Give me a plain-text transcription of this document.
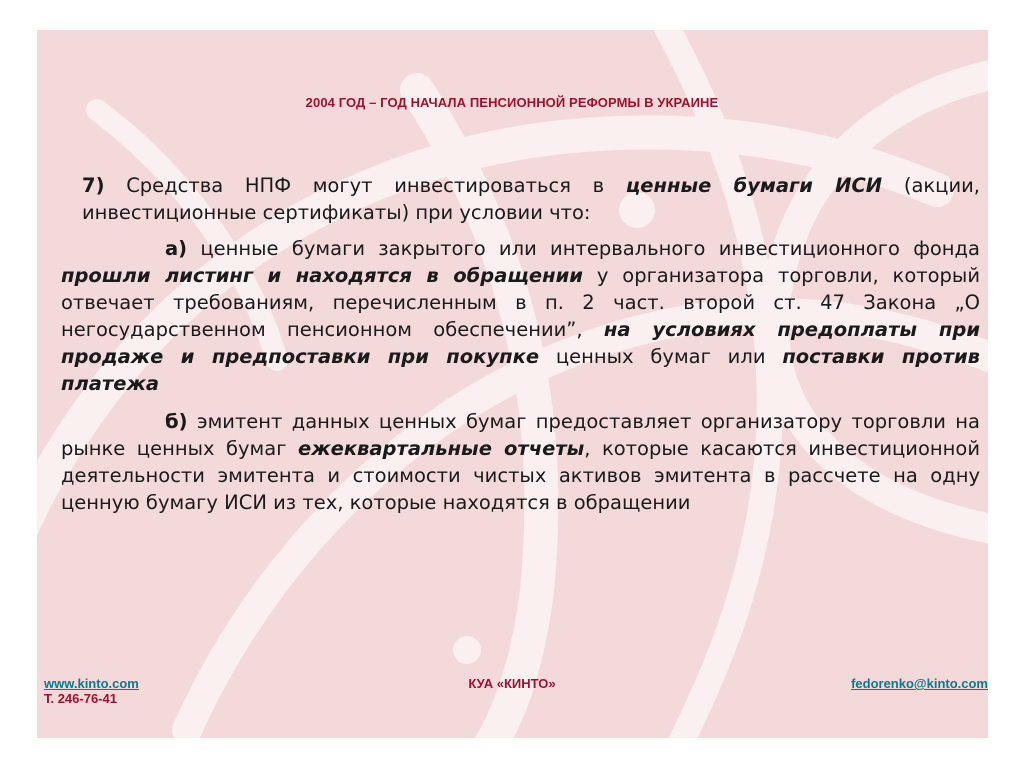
2004 ГОД – ГОД НАЧАЛА ПЕНСИОННОЙ РЕФОРМЫ В УКРАИНЕ
7) Средства НПФ могут инвестироваться в ценные бумаги ИСИ (акции, инвестиционные сертификаты) при условии что:
а) ценные бумаги закрытого или интервального инвестиционного фонда прошли листинг и находятся в обращении у организатора торговли, который отвечает требованиям, перечисленным в п. 2 част. второй ст. 47 Закона „О негосударственном пенсионном обеспечении”, на условиях предоплаты при продаже и предпоставки при покупке ценных бумаг или поставки против платежа
б) эмитент данных ценных бумаг предоставляет организатору торговли на рынке ценных бумаг ежеквартальные отчеты, которые касаются инвестиционной деятельности эмитента и стоимости чистых активов эмитента в рассчете на одну ценную бумагу ИСИ из тех, которые находятся в обращении
www.kinto.com
Т. 246-76-41
КУА «КИНТО»	fedorenko@kinto.com
